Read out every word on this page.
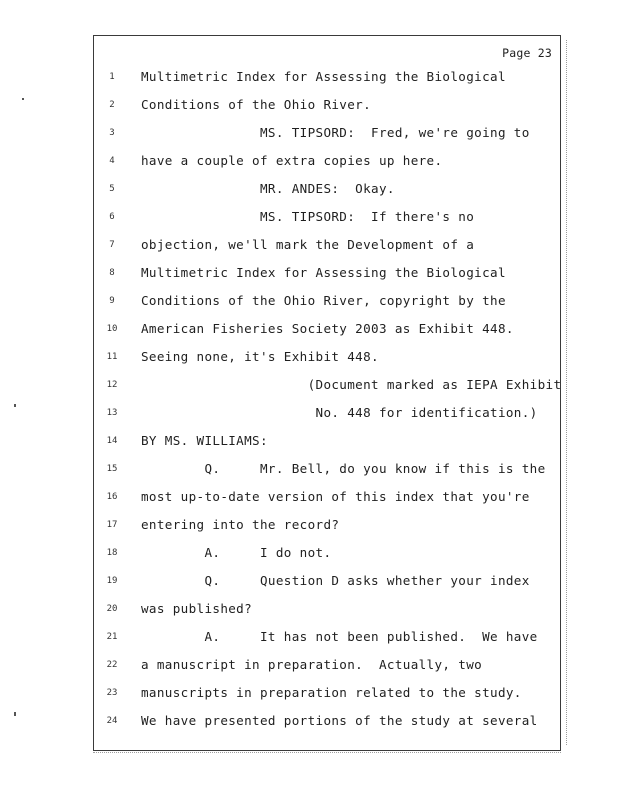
Page 23
1	Multimetric Index for Assessing the Biological
2	Conditions of the Ohio River.
3	MS. TIPSORD:  Fred, we're going to
4	have a couple of extra copies up here.
5	MR. ANDES:  Okay.
6	MS. TIPSORD:  If there's no
7	objection, we'll mark the Development of a
8	Multimetric Index for Assessing the Biological
9	Conditions of the Ohio River, copyright by the
10 American Fisheries Society 2003 as Exhibit 448.
11 Seeing none, it's Exhibit 448.
12 (Document marked as IEPA Exhibit
13 No. 448 for identification.)
14 BY MS. WILLIAMS:
15 Q.     Mr. Bell, do you know if this is the
16 most up-to-date version of this index that you're
17 entering into the record?
18 A.     I do not.
19 Q.     Question D asks whether your index
20 was published?
21 A.     It has not been published.  We have
22 a manuscript in preparation.  Actually, two
23 manuscripts in preparation related to the study.
24 We have presented portions of the study at several
